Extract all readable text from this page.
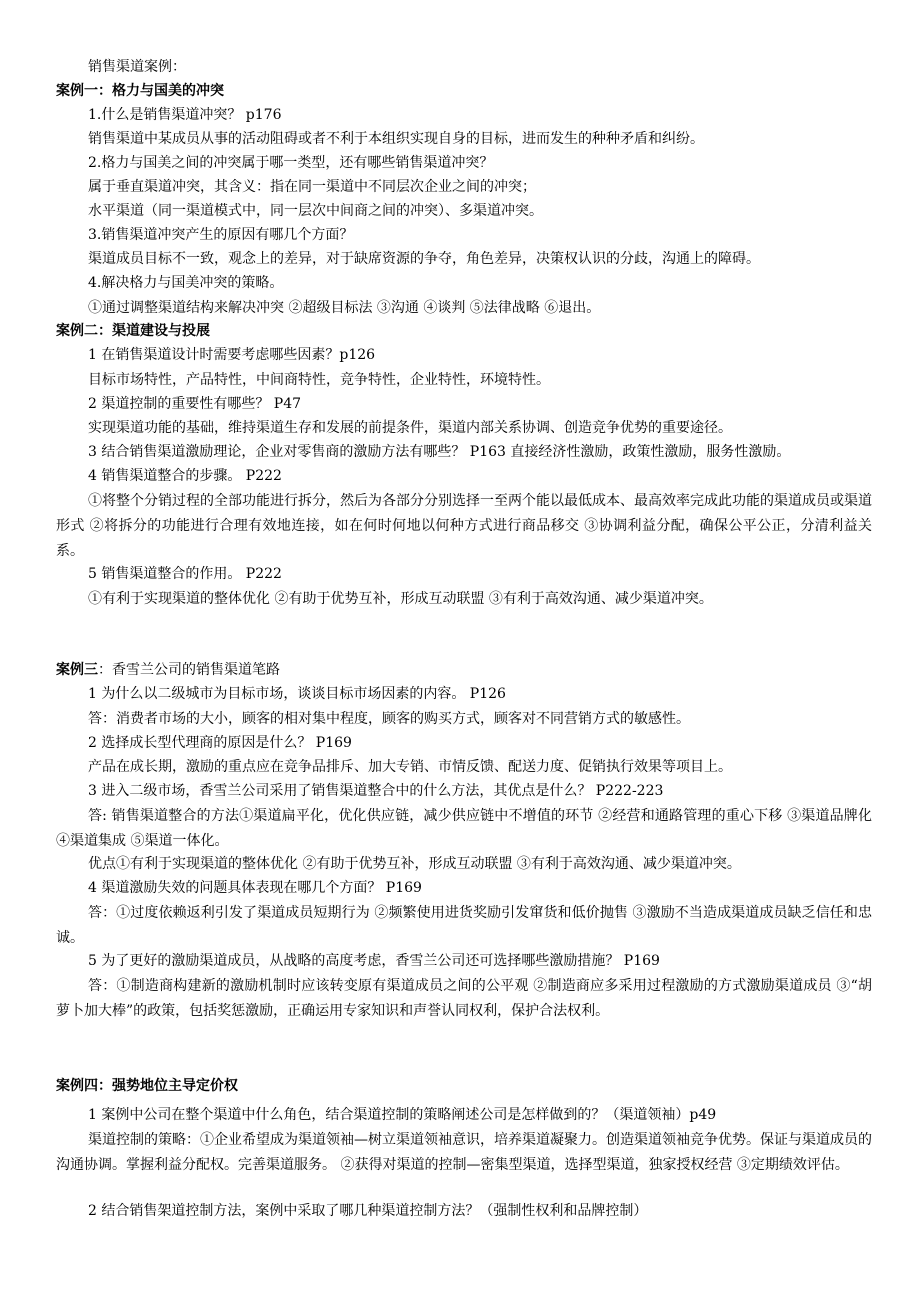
销售渠道案例：
案例一：格力与国美的冲突
1.什么是销售渠道冲突？ p176
销售渠道中某成员从事的活动阻碍或者不利于本组织实现自身的目标，进而发生的种种矛盾和纠纷。
2.格力与国美之间的冲突属于哪一类型，还有哪些销售渠道冲突？
属于垂直渠道冲突，其含义：指在同一渠道中不同层次企业之间的冲突；
水平渠道（同一渠道模式中，同一层次中间商之间的冲突）、多渠道冲突。
3.销售渠道冲突产生的原因有哪几个方面？
渠道成员目标不一致，观念上的差异，对于缺席资源的争夺，角色差异，决策权认识的分歧，沟通上的障碍。
4.解决格力与国美冲突的策略。
①通过调整渠道结构来解决冲突 ②超级目标法 ③沟通 ④谈判 ⑤法律战略 ⑥退出。
案例二：渠道建设与投展
1 在销售渠道设计时需要考虑哪些因素？p126
目标市场特性，产品特性，中间商特性，竞争特性，企业特性，环境特性。
2 渠道控制的重要性有哪些？ P47
实现渠道功能的基础，维持渠道生存和发展的前提条件，渠道内部关系协调、创造竞争优势的重要途径。
3 结合销售渠道激励理论，企业对零售商的激励方法有哪些？ P163 直接经济性激励，政策性激励，服务性激励。
4 销售渠道整合的步骤。 P222
①将整个分销过程的全部功能进行拆分，然后为各部分分别选择一至两个能以最低成本、最高效率完成此功能的渠道成员或渠道形式 ②将拆分的功能进行合理有效地连接，如在何时何地以何种方式进行商品移交 ③协调利益分配，确保公平公正，分清利益关系。
5 销售渠道整合的作用。 P222
①有利于实现渠道的整体优化 ②有助于优势互补，形成互动联盟 ③有利于高效沟通、减少渠道冲突。
案例三：香雪兰公司的销售渠道笔路
1 为什么以二级城市为目标市场，谈谈目标市场因素的内容。 P126
答：消费者市场的大小，顾客的相对集中程度，顾客的购买方式，顾客对不同营销方式的敏感性。
2 选择成长型代理商的原因是什么？ P169
产品在成长期，激励的重点应在竞争品排斥、加大专销、市情反馈、配送力度、促销执行效果等项目上。
3 进入二级市场，香雪兰公司采用了销售渠道整合中的什么方法，其优点是什么？ P222-223
答: 销售渠道整合的方法①渠道扁平化，优化供应链，减少供应链中不增值的环节 ②经营和通路管理的重心下移 ③渠道品牌化 ④渠道集成 ⑤渠道一体化。
优点①有利于实现渠道的整体优化 ②有助于优势互补，形成互动联盟 ③有利于高效沟通、减少渠道冲突。
4 渠道激励失效的问题具体表现在哪几个方面？ P169
答：①过度依赖返利引发了渠道成员短期行为 ②频繁使用进货奖励引发窜货和低价抛售 ③激励不当造成渠道成员缺乏信任和忠诚。
5 为了更好的激励渠道成员，从战略的高度考虑，香雪兰公司还可选择哪些激励措施？ P169
答：①制造商构建新的激励机制时应该转变原有渠道成员之间的公平观 ②制造商应多采用过程激励的方式激励渠道成员 ③“胡萝卜加大棒”的政策，包括奖惩激励，正确运用专家知识和声誉认同权利，保护合法权利。
案例四：强势地位主导定价权
1 案例中公司在整个渠道中什么角色，结合渠道控制的策略阐述公司是怎样做到的？（渠道领袖）p49
渠道控制的策略：①企业希望成为渠道领袖—树立渠道领袖意识，培养渠道凝聚力。创造渠道领袖竞争优势。保证与渠道成员的沟通协调。掌握利益分配权。完善渠道服务。 ②获得对渠道的控制—密集型渠道，选择型渠道，独家授权经营 ③定期绩效评估。
2 结合销售架道控制方法，案例中采取了哪几种渠道控制方法？（强制性权利和品牌控制）
